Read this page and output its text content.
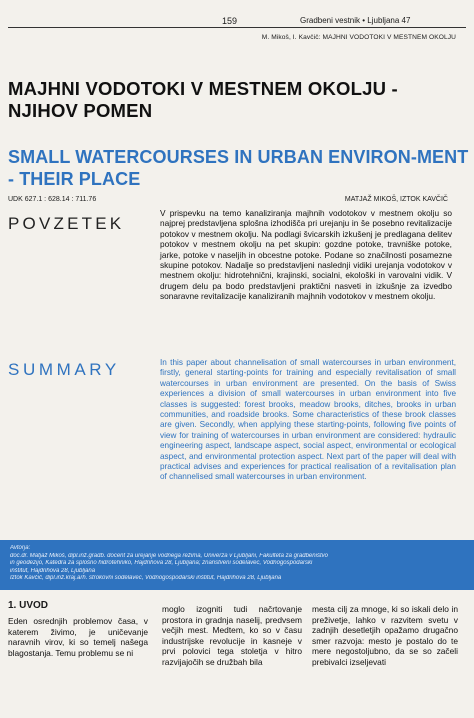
159	Gradbeni vestnik • Ljubljana 47
M. Mikoš, I. Kavčič: MAJHNI VODOTOKI V MESTNEM OKOLJU
MAJHNI VODOTOKI V MESTNEM OKOLJU - NJIHOV POMEN
SMALL WATERCOURSES IN URBAN ENVIRON-MENT - THEIR PLACE
UDK 627.1 : 628.14 : 711.76	MATJAŽ MIKOŠ, IZTOK KAVČIČ
POVZETEK
V prispevku na temo kanaliziranja majhnih vodotokov v mestnem okolju so najprej predstavljena splošna izhodišča pri urejanju in še posebno revitalizacije potokov v mestnem okolju. Na podlagi švicarskih izkušenj je predlagana delitev potokov v mestnem okolju na pet skupin: gozdne potoke, travniške potoke, jarke, potoke v naseljih in obcestne potoke. Podane so značilnosti posamezne skupine potokov. Nadalje so predstavljeni naslednji vidiki urejanja vodotokov v mestnem okolju: hidrotehnični, krajinski, socialni, ekološki in varovalni vidik. V drugem delu pa bodo predstavljeni praktični nasveti in izkušnje za izvedbo sonaravne revitalizacije kanaliziranih majhnih vodotokov v mestnem okolju.
SUMMARY	In this paper about channelisation of small watercourses in urban environment, firstly, general starting-points for training and especially revitalisation of small watercourses in urban environment are presented. On the basis of Swiss experiences a division of small watercourses in urban environment into five classes is suggested: forest brooks, meadow brooks, ditches, brooks in urban communities, and roadside brooks. Some characteristics of these brook classes are given. Secondly, when applying these starting-points, following five points of view for training of watercourses in urban environment are considered: hydraulic engineering aspect, landscape aspect, social aspect, environmental or ecological aspect, and environmental protection aspect. Next part of the paper will deal with practical advises and experiences for practical realisation of a revitalisation plan of channelised small watercourses in urban environment.
Avtorja:
doc.dr. Matjaž Mikoš, dipl.inž.gradb. docent za urejanje vodnega režima, Univerza v Ljubljani, Fakulteta za gradbeništvo
in geodezijo, Katedra za splošno hidrotehniko, Hajdrihova 28, Ljubljana; znanstveni sodelavec, Vodnogospodarski
inštitut, Hajdrihova 28, Ljubljana
Iztok Kavčič, dipl.inž.kraj.arh. strokovni sodelavec, Vodnogospodarski inštitut, Hajdrihova 28, Ljubljana
1. UVOD
Eden osrednjih problemov časa, v katerem živimo, je uničevanje naravnih virov, ki so temelj našega blagostanja. Temu problemu se ni
moglo izogniti tudi načrtovanje prostora in gradnja naselij, predvsem večjih mest. Medtem, ko so v času industrijske revolucije in kasneje v prvi polovici tega stoletja v hitro razvijajočih se družbah bila
mesta cilj za mnoge, ki so iskali delo in preživetje, lahko v razvitem svetu v zadnjih desetletjih opažamo drugačno smer razvoja: mesto je postalo do te mere negostoljubno, da se so začeli prebivalci izseljevati
